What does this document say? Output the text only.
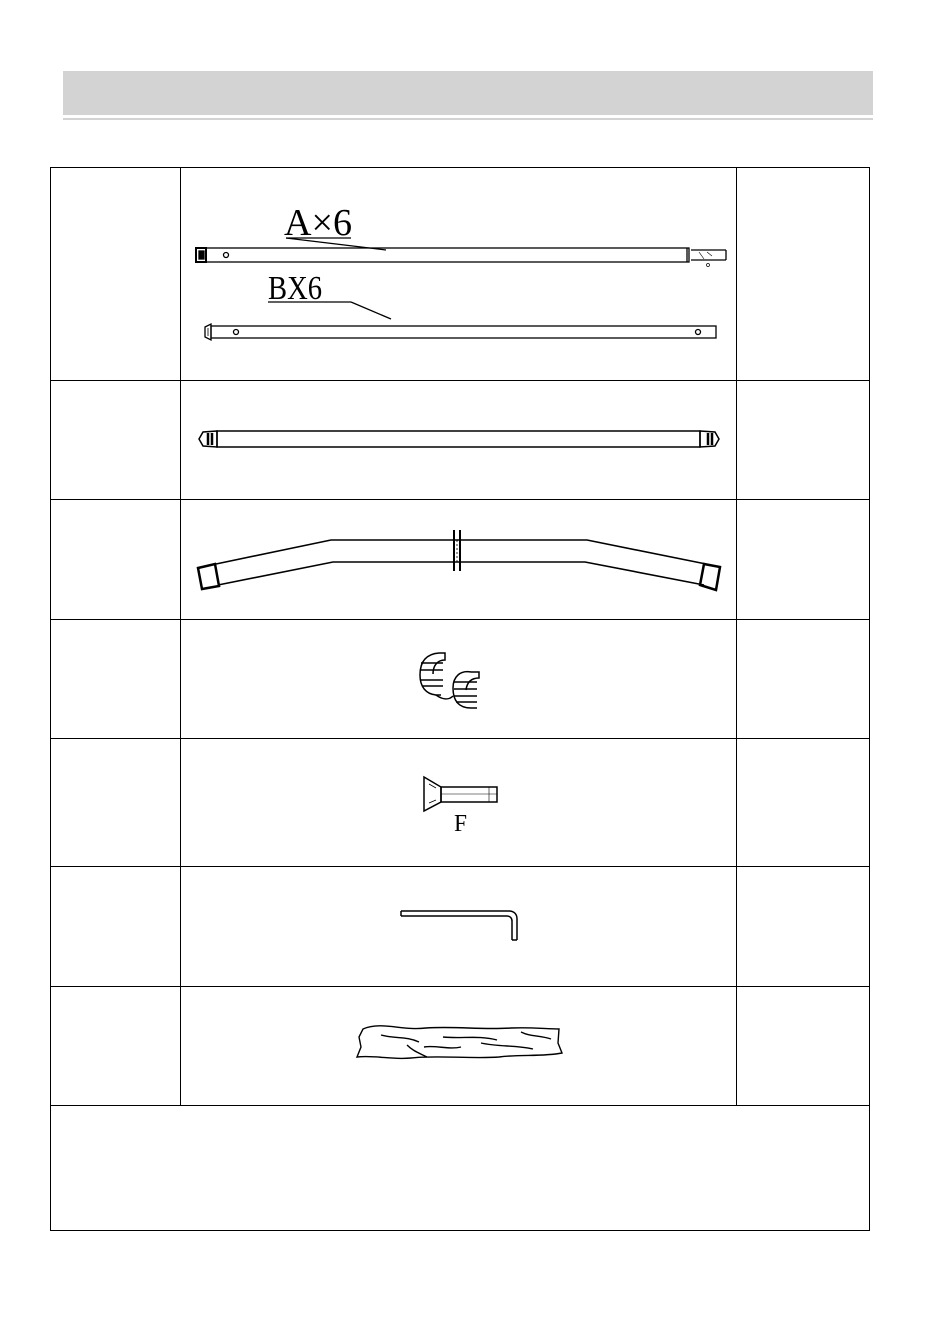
A×6
BX6
F
